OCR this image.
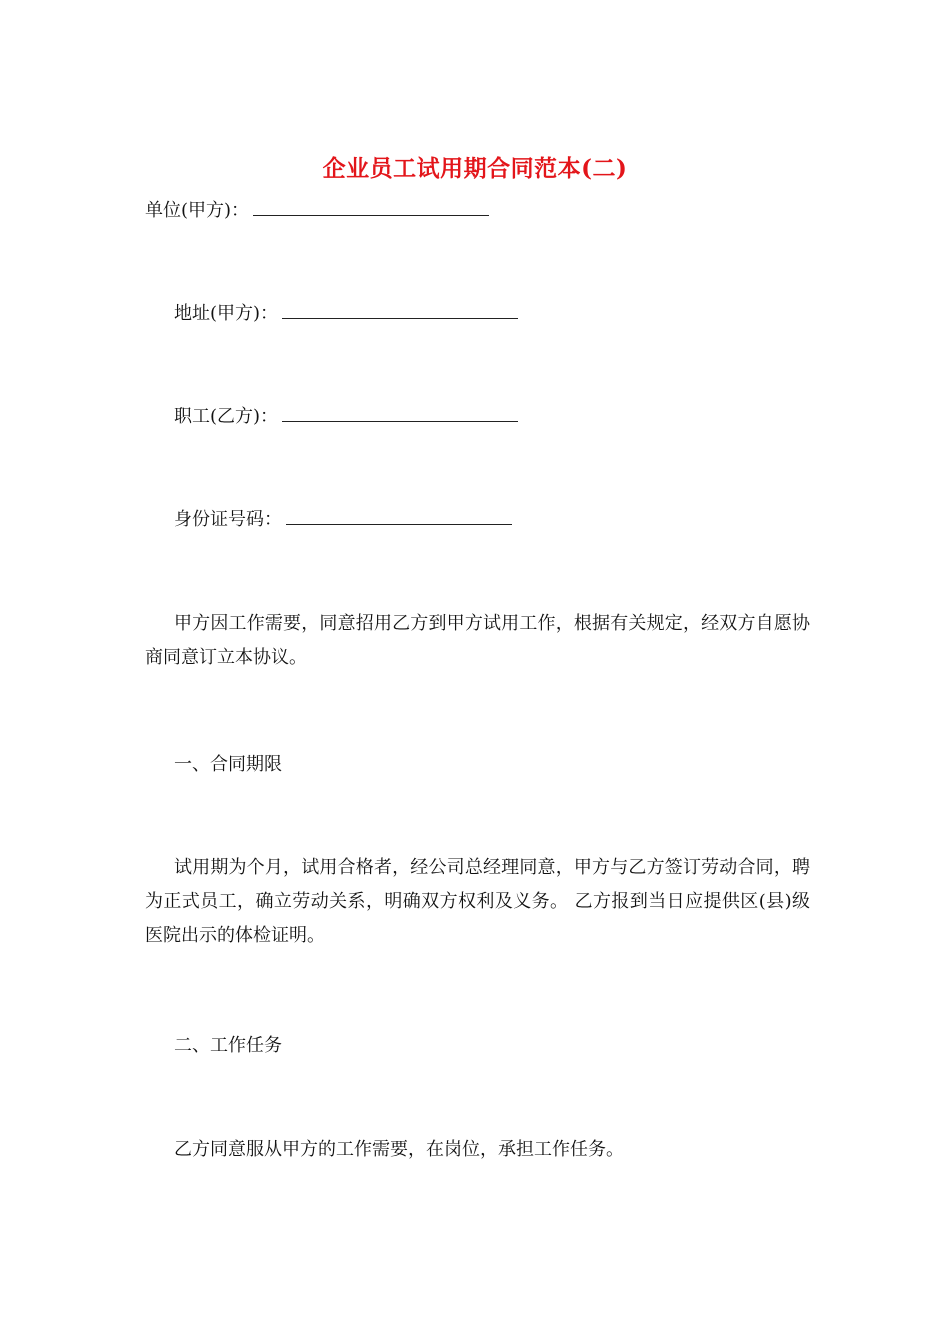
企业员工试用期合同范本(二)
单位(甲方)：
地址(甲方)：
职工(乙方)：
身份证号码：
甲方因工作需要，同意招用乙方到甲方试用工作，根据有关规定，经双方自愿协商同意订立本协议。
一、合同期限
试用期为个月，试用合格者，经公司总经理同意，甲方与乙方签订劳动合同，聘为正式员工，确立劳动关系，明确双方权利及义务。 乙方报到当日应提供区(县)级医院出示的体检证明。
二、工作任务
乙方同意服从甲方的工作需要，在岗位，承担工作任务。
